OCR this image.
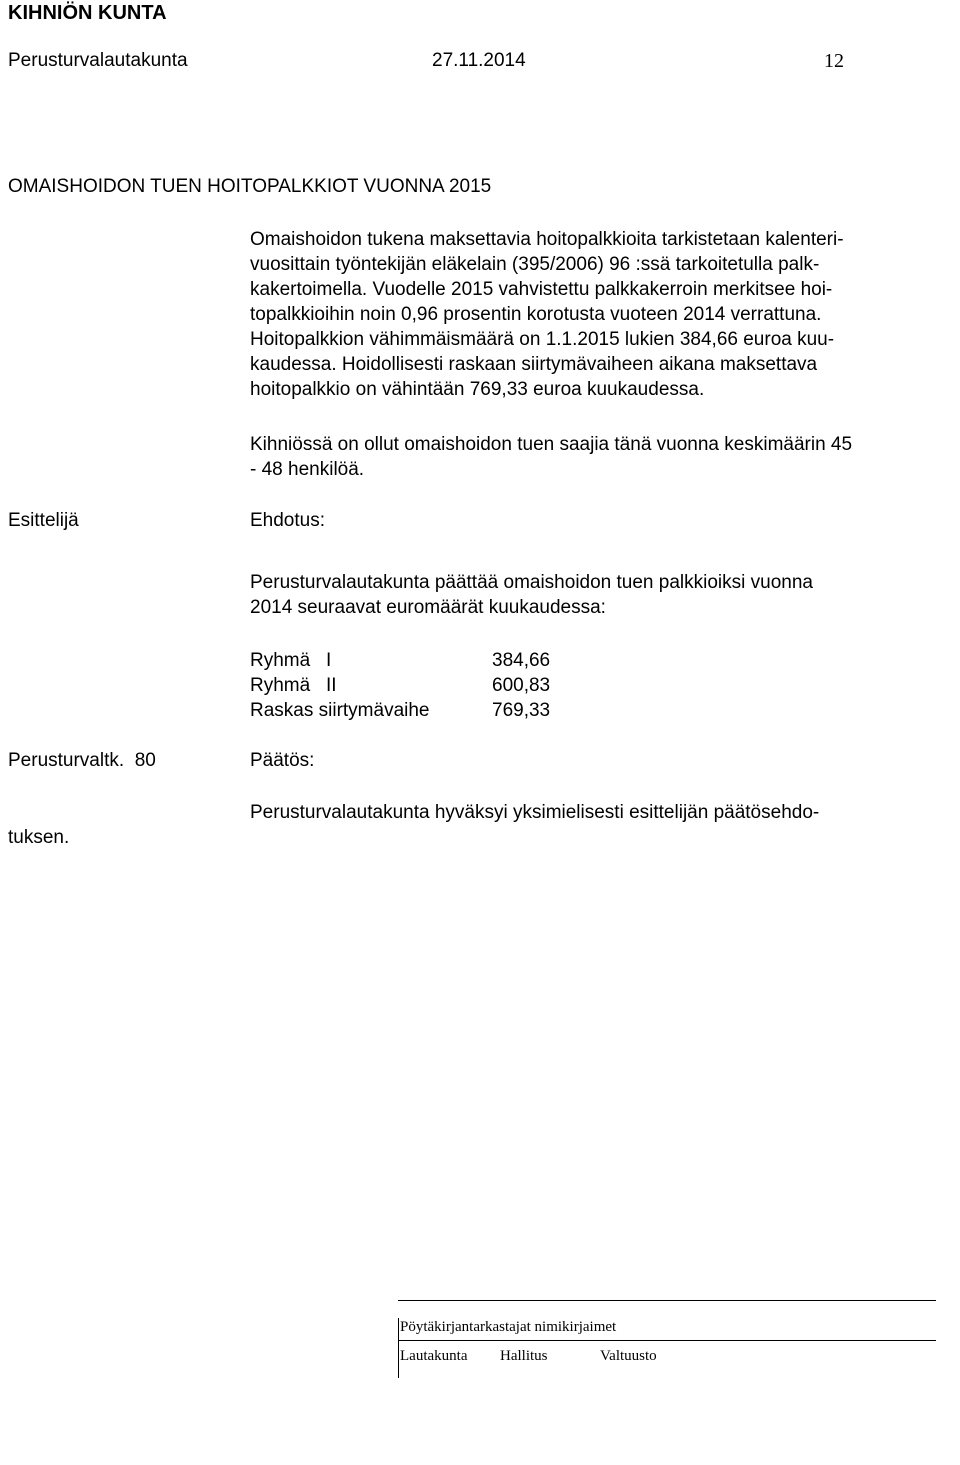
KIHNIÖN KUNTA
Perusturvalautakunta	27.11.2014	12
OMAISHOIDON TUEN HOITOPALKKIOT VUONNA 2015
Omaishoidon tukena maksettavia hoitopalkkioita tarkistetaan kalenteri-
vuosittain työntekijän eläkelain (395/2006) 96 :ssä tarkoitetulla palk-
kakertoimella. Vuodelle 2015 vahvistettu palkkakerroin merkitsee hoi-
topalkkioihin noin 0,96 prosentin korotusta vuoteen 2014 verrattuna.
Hoitopalkkion vähimmäismäärä on 1.1.2015 lukien 384,66 euroa kuu-
kaudessa. Hoidollisesti raskaan siirtymävaiheen aikana maksettava
hoitopalkkio on vähintään 769,33 euroa kuukaudessa.
Kihniössä on ollut omaishoidon tuen saajia tänä vuonna keskimäärin 45
- 48 henkilöä.
Esittelijä	Ehdotus:
Perusturvalautakunta päättää omaishoidon tuen palkkioiksi vuonna
2014 seuraavat euromäärät kuukaudessa:
Ryhmä   I	384,66
Ryhmä   II	600,83
Raskas siirtymävaihe	769,33
Perusturvaltk.  80	Päätös:
Perusturvalautakunta hyväksyi yksimielisesti esittelijän päätösehdo-
tuksen.
Pöytäkirjantarkastajat nimikirjaimet
Lautakunta Hallitus	Valtuusto
